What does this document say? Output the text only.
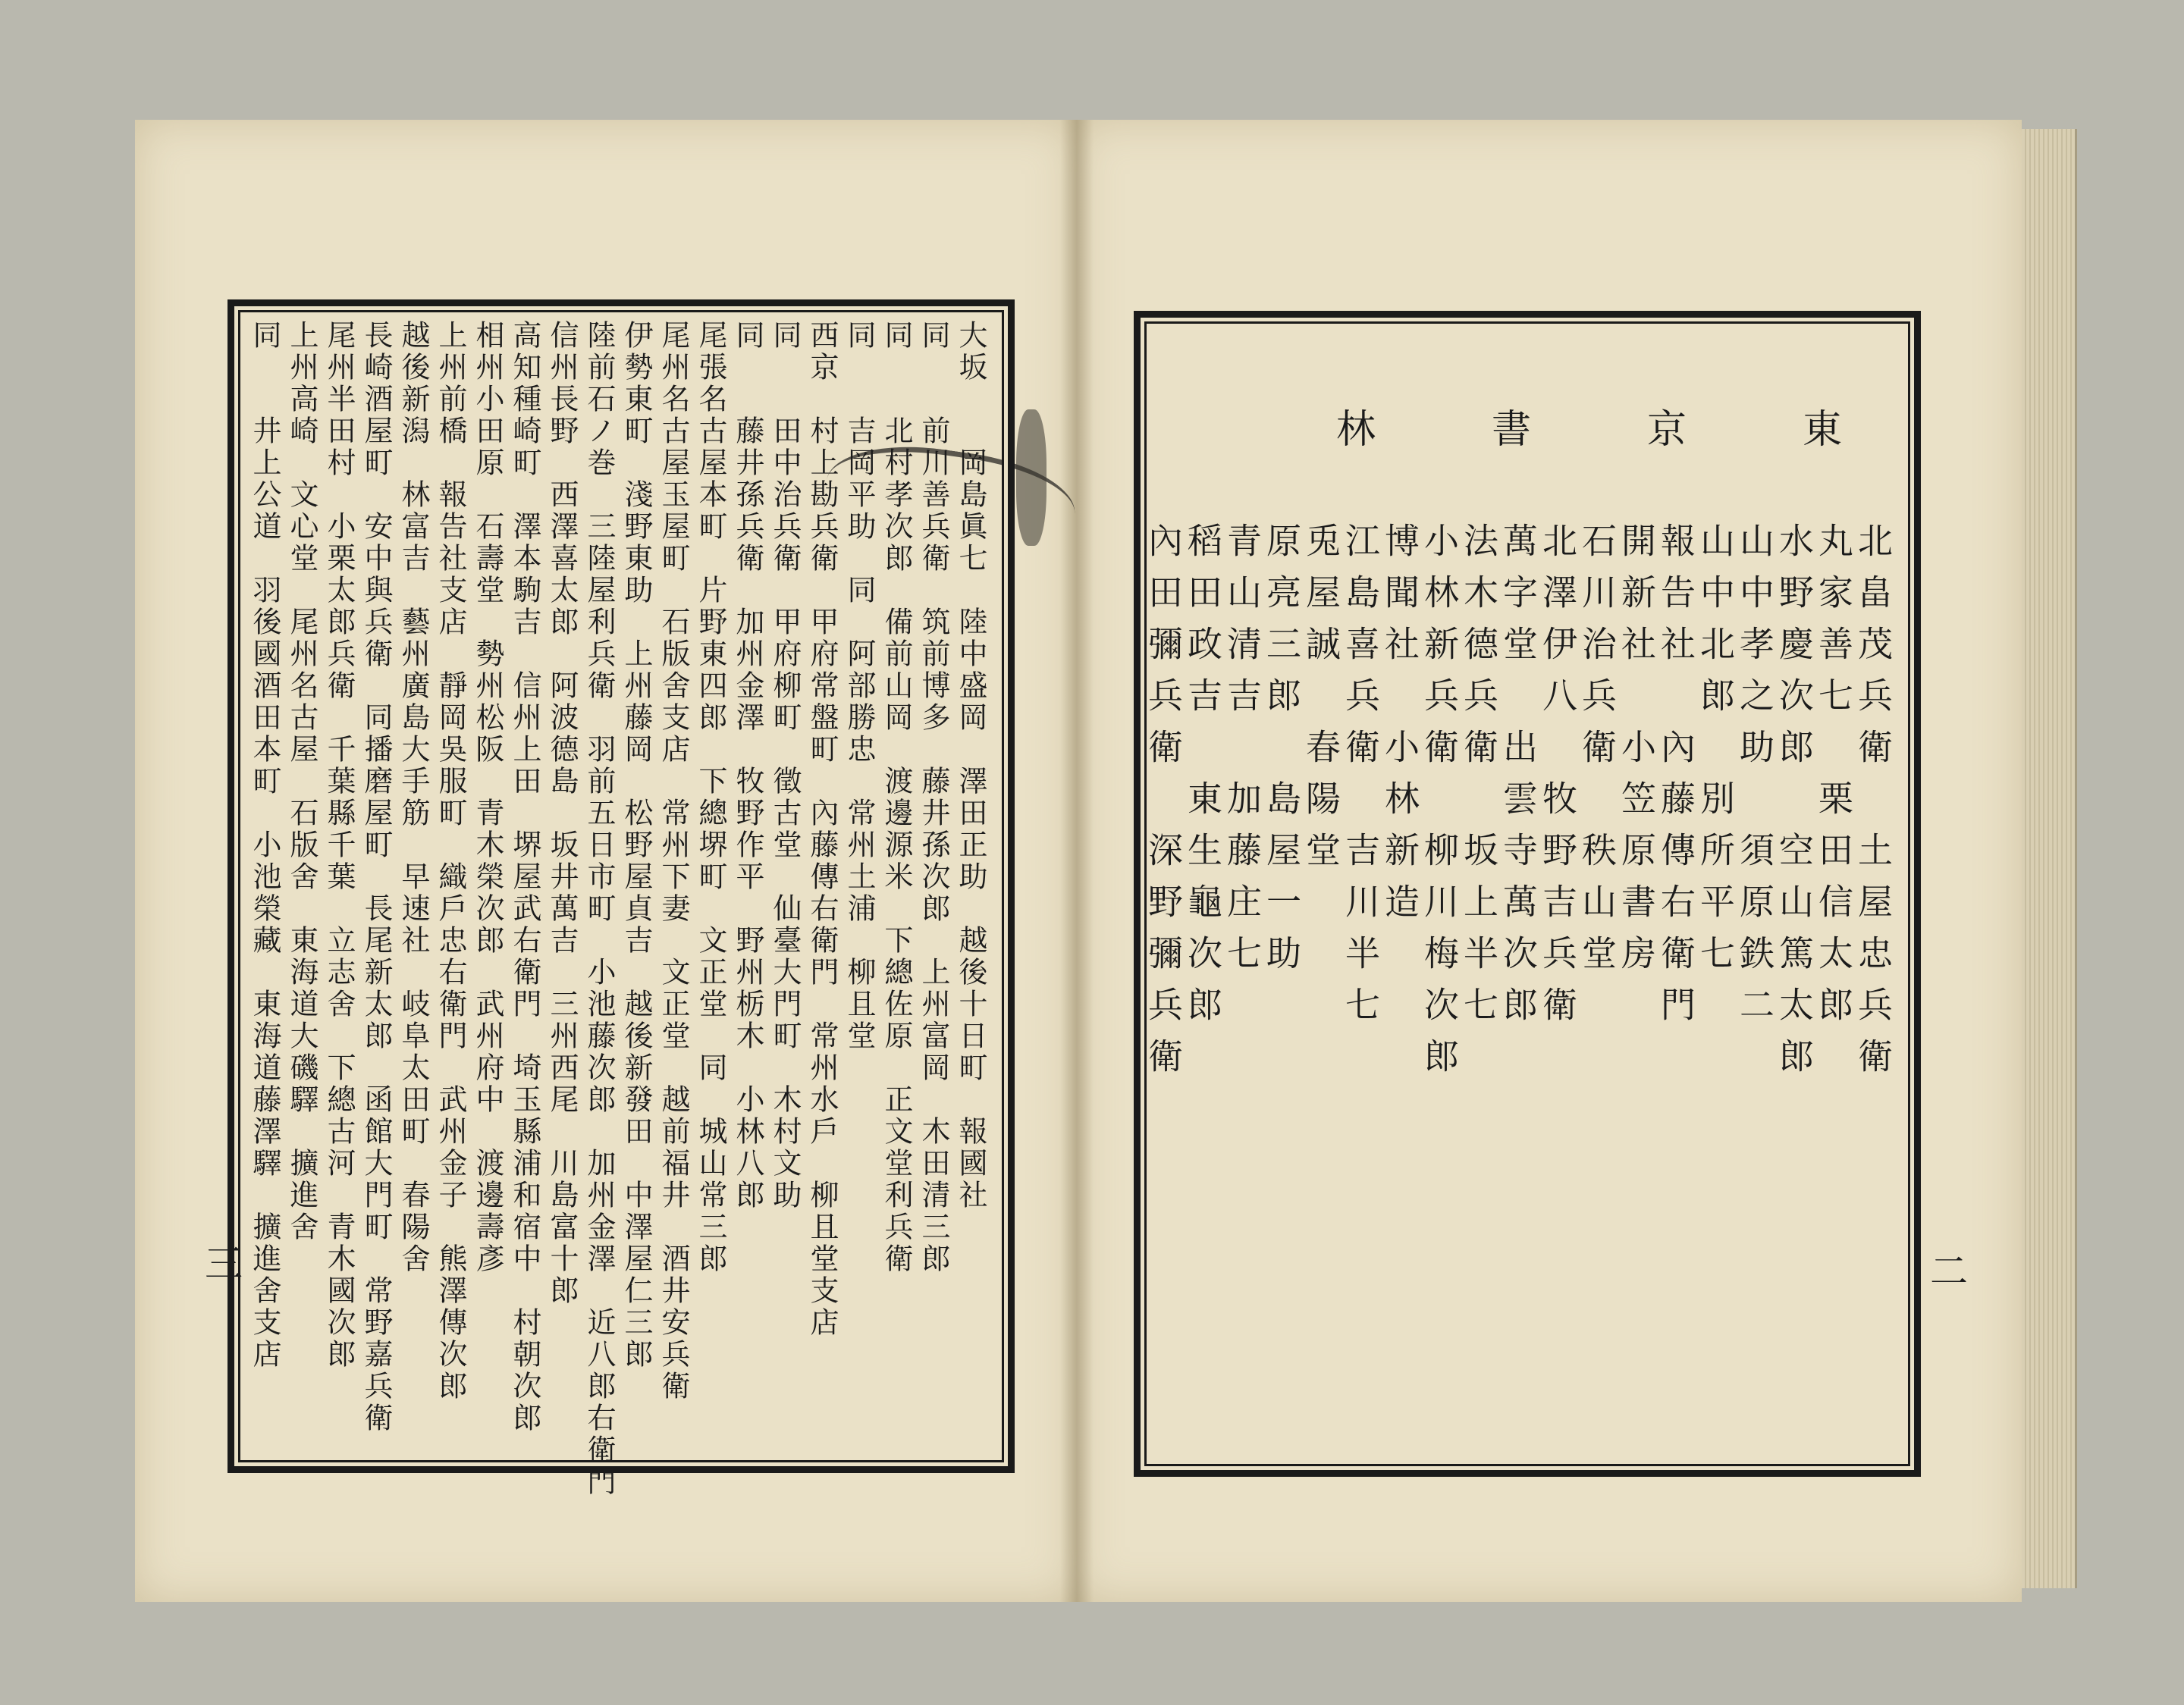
大坂　　岡島眞七　陸中盛岡　澤田正助　越後十日町　報國社
同　　前川善兵衛　筑前博多　藤井孫次郎　上州富岡　木田清三郎
同　　北村孝次郎　備前山岡　渡邊源米　下總佐原　正文堂利兵衛
同　　吉岡平助　同　阿部勝忠　常州土浦　柳且堂
西京　村上勘兵衛　甲府常盤町　內藤傳右衛門　常州水戶　柳且堂支店
同　　田中治兵衛　甲府柳町　徵古堂　仙臺大門町　木村文助
同　　藤井孫兵衛　加州金澤　牧野作平　野州栃木　小林八郎
尾張名古屋本町　片野東四郎　下總堺町　文正堂　同　城山常三郎
尾州名古屋玉屋町　石版舍支店　常州下妻　文正堂　越前福井　酒井安兵衛
伊勢東町　淺野東助　上州藤岡　松野屋貞吉　越後新發田　中澤屋仁三郎
陸前石ノ巻　三陸屋利兵衛　羽前五日市町　小池藤次郎　加州金澤　近八郎右衛門
信州長野　西澤喜太郎　阿波德島　坂井萬吉　三州西尾　川島富十郎
高知種崎町　澤本駒吉　信州上田　堺屋武右衛門　埼玉縣浦和宿中　村朝次郎
相州小田原　石壽堂　勢州松阪　青木榮次郎　武州府中　渡邊壽彥
上州前橋　報告社支店　靜岡吳服町　織戶忠右衛門　武州金子　熊澤傳次郎
越後新潟　林富吉　藝州廣島大手筋　早速社　岐阜太田町　春陽舍
長崎酒屋町　安中與兵衛　同播磨屋町　長尾新太郎　函館大門町　常野嘉兵衛
尾州半田村　小栗太郎兵衛　千葉縣千葉　立志舍　下總古河　青木國次郎
上州高崎　文心堂　尾州名古屋　石版舍　東海道大磯驛　擴進舍
同　　井上公道　羽後國酒田本町　小池榮藏　東海道藤澤驛　擴進舍支店
三
東
京
書
林
北畠茂兵衛　土屋忠兵衛
丸家善七　栗田信太郎
水野慶次郎　空山篤太郎
山中孝之助　須原鉄二
山中北郎　別所平七
報告社　內藤傳右衛門
開新社　小笠原書房
石川治兵衛　秩山堂
北澤伊八　牧野吉兵衛
萬字堂　出雲寺萬次郎
法木德兵衛　坂上半七
小林新兵衛　柳川梅次郎
博聞社　小林新造
江島喜兵衛　吉川半七
兎屋誠　春陽堂
原亮三郎　島屋一助
青山清吉　加藤庄七
稻田政吉　東生龜次郎
內田彌兵衛　深野彌兵衛
二
